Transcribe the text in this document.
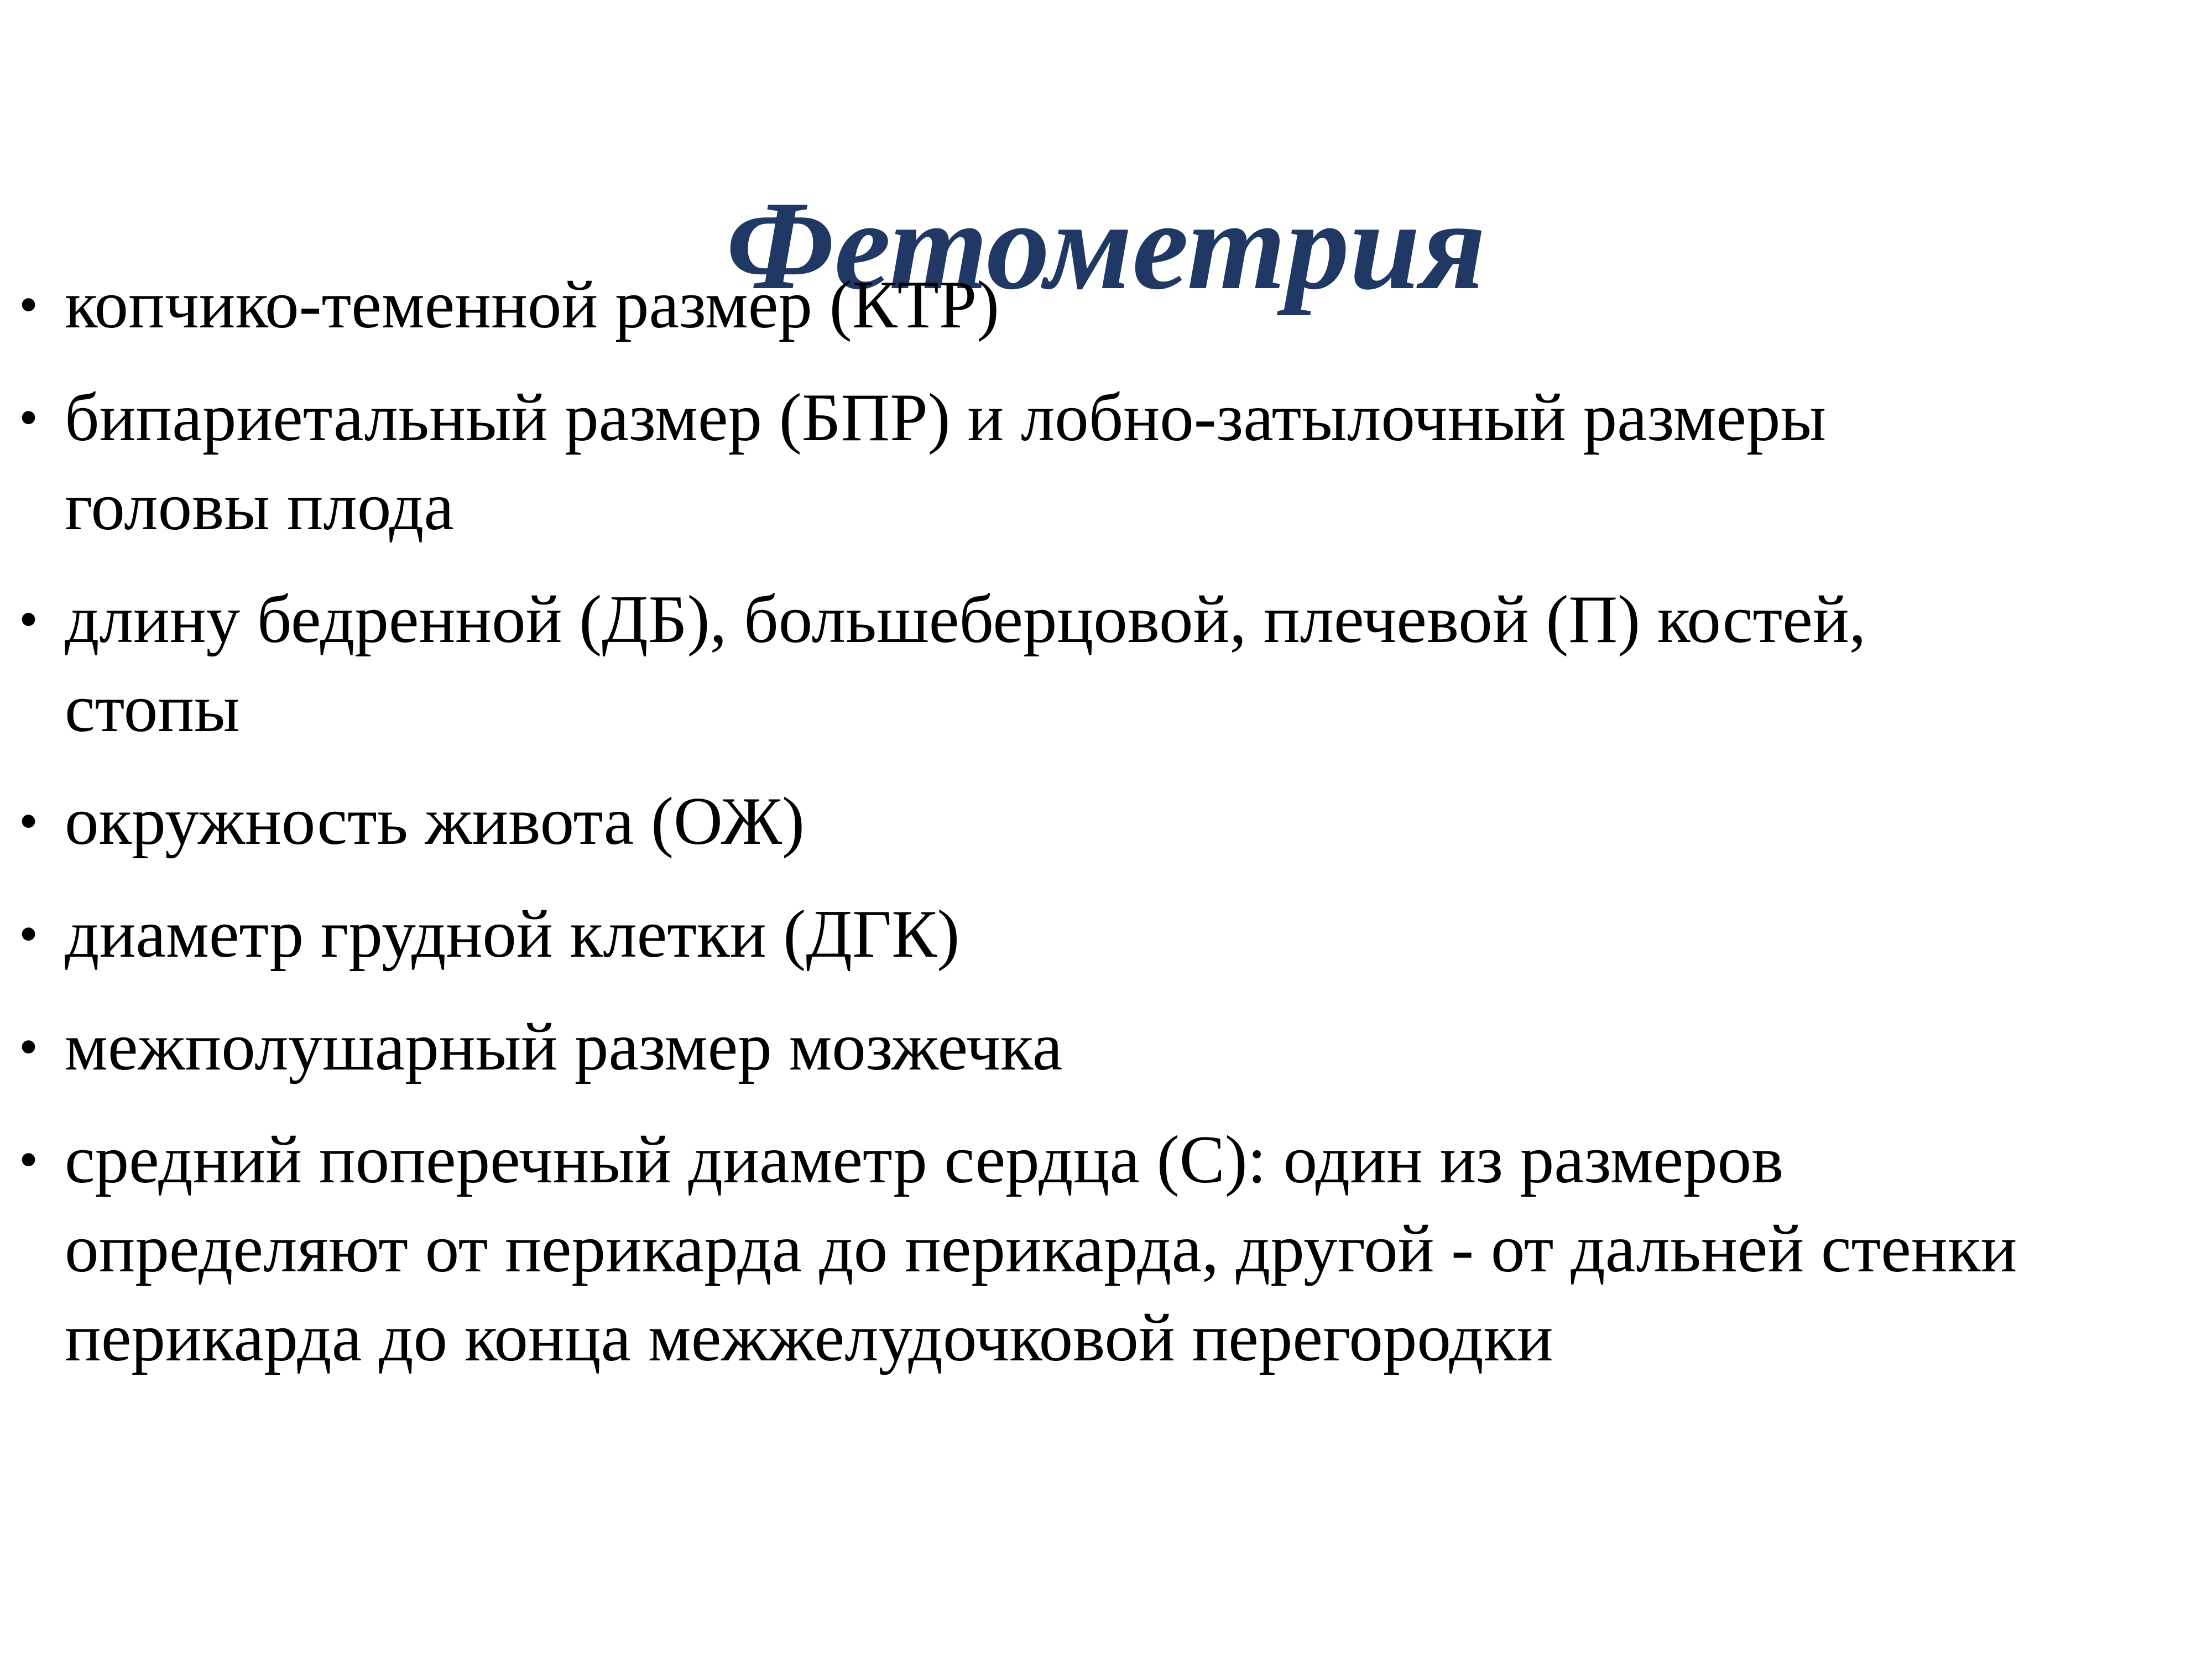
Фетометрия
• копчико-теменной размер (КТР)
• бипариетальный размер (БПР) и лобно-затылочный размеры
головы плода
• длину бедренной (ДБ), большеберцовой, плечевой (П) костей,
стопы
• окружность живота (ОЖ)
• диаметр грудной клетки (ДГК)
• межполушарный размер мозжечка
• средний поперечный диаметр сердца (С): один из размеров
определяют от перикарда до перикарда, другой - от дальней стенки
перикарда до конца межжелудочковой перегородки
